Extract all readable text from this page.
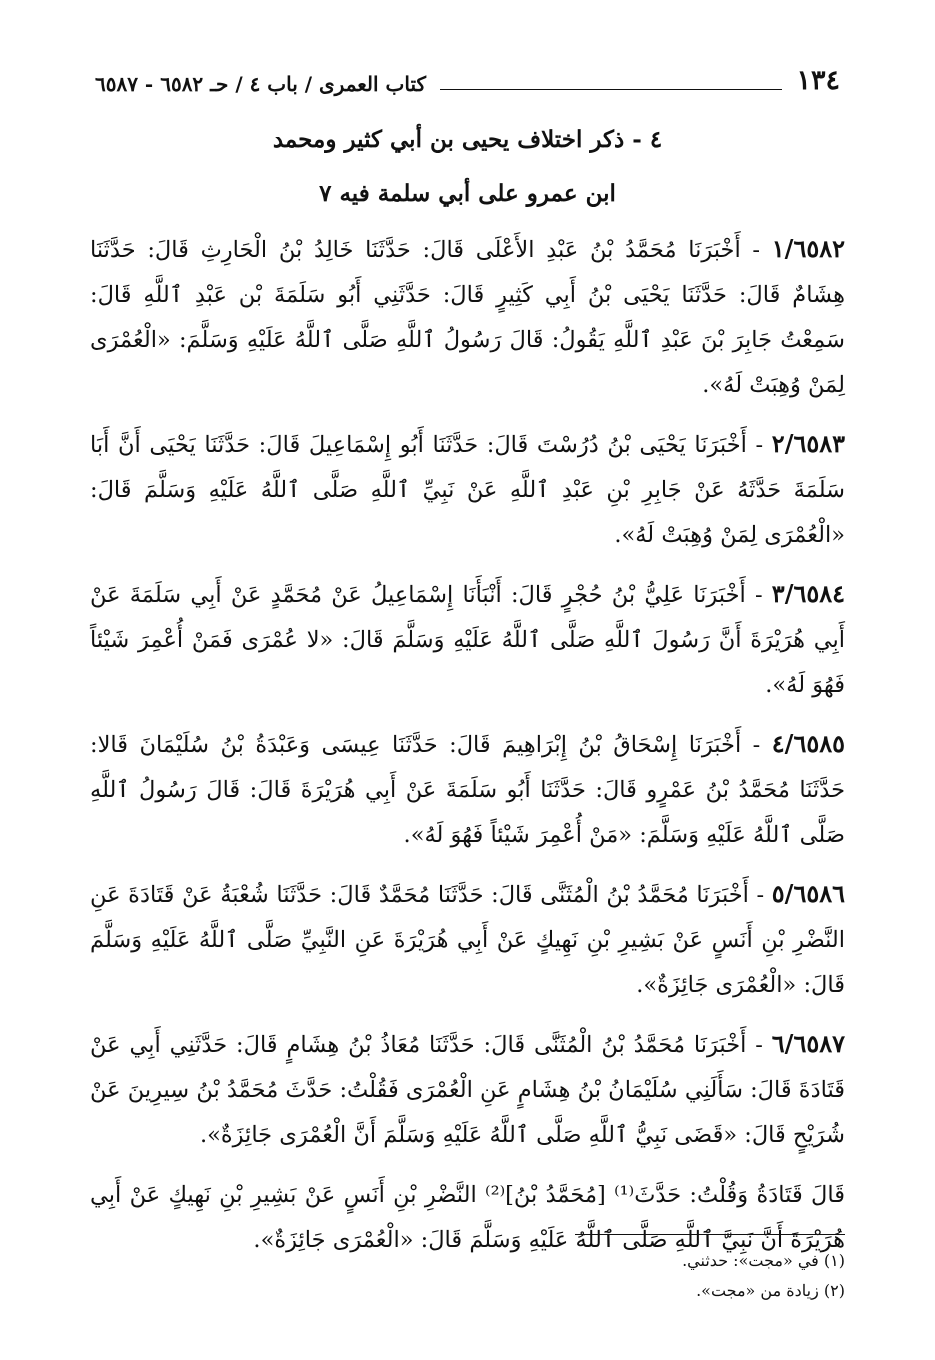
١٣٤
كتاب العمرى / باب ٤ / حـ ٦٥٨٢ - ٦٥٨٧
٤ - ذكر اختلاف يحيى بن أبي كثير ومحمد
ابن عمرو على أبي سلمة فيه ٧

١/٦٥٨٢ - أَخْبَرَنَا مُحَمَّدُ بْنُ عَبْدِ الأَعْلَى قَالَ: حَدَّثَنَا خَالِدُ بْنُ الْحَارِثِ قَالَ: حَدَّثَنَا هِشَامٌ قَالَ: حَدَّثَنَا يَحْيَى بْنُ أَبِي كَثِيرٍ قَالَ: حَدَّثَنِي أَبُو سَلَمَةَ بْن عَبْدِ ٱللَّهِ قَالَ: سَمِعْتُ جَابِرَ بْنَ عَبْدِ ٱللَّهِ يَقُولُ: قَالَ رَسُولُ ٱللَّهِ صَلَّى ٱللَّهُ عَلَيْهِ وَسَلَّمَ: «الْعُمْرَى لِمَنْ وُهِبَتْ لَهُ».

٢/٦٥٨٣ - أَخْبَرَنَا يَحْيَى بْنُ دُرُسْتَ قَالَ: حَدَّثَنَا أَبُو إِسْمَاعِيلَ قَالَ: حَدَّثَنَا يَحْيَى أَنَّ أَبَا سَلَمَةَ حَدَّثَهُ عَنْ جَابِرِ بْنِ عَبْدِ ٱللَّهِ عَنْ نَبِيِّ ٱللَّهِ صَلَّى ٱللَّهُ عَلَيْهِ وَسَلَّمَ قَالَ: «الْعُمْرَى لِمَنْ وُهِبَتْ لَهُ».

٣/٦٥٨٤ - أَخْبَرَنَا عَلِيُّ بْنُ حُجْرٍ قَالَ: أَنْبَأَنَا إِسْمَاعِيلُ عَنْ مُحَمَّدٍ عَنْ أَبِي سَلَمَةَ عَنْ أَبِي هُرَيْرَةَ أَنَّ رَسُولَ ٱللَّهِ صَلَّى ٱللَّهُ عَلَيْهِ وَسَلَّمَ قَالَ: «لا عُمْرَى فَمَنْ أُعْمِرَ شَيْئاً فَهُوَ لَهُ».

٤/٦٥٨٥ - أَخْبَرَنَا إِسْحَاقُ بْنُ إِبْرَاهِيمَ قَالَ: حَدَّثَنَا عِيسَى وَعَبْدَةُ بْنُ سُلَيْمَانَ قَالا: حَدَّثَنَا مُحَمَّدُ بْنُ عَمْرٍو قَالَ: حَدَّثَنَا أَبُو سَلَمَةَ عَنْ أَبِي هُرَيْرَةَ قَالَ: قَالَ رَسُولُ ٱللَّهِ صَلَّى ٱللَّهُ عَلَيْهِ وَسَلَّمَ: «مَنْ أُعْمِرَ شَيْئاً فَهُوَ لَهُ».

٥/٦٥٨٦ - أَخْبَرَنَا مُحَمَّدُ بْنُ الْمُثَنَّى قَالَ: حَدَّثَنَا مُحَمَّدٌ قَالَ: حَدَّثَنَا شُعْبَةُ عَنْ قَتَادَةَ عَنِ النَّضْرِ بْنِ أَنَسٍ عَنْ بَشِيرِ بْنِ نَهِيكٍ عَنْ أَبِي هُرَيْرَةَ عَنِ النَّبِيِّ صَلَّى ٱللَّهُ عَلَيْهِ وَسَلَّمَ قَالَ: «الْعُمْرَى جَائِزَةٌ».

٦/٦٥٨٧ - أَخْبَرَنَا مُحَمَّدُ بْنُ الْمُثَنَّى قَالَ: حَدَّثَنَا مُعَاذُ بْنُ هِشَامٍ قَالَ: حَدَّثَنِي أَبِي عَنْ قَتَادَةَ قَالَ: سَأَلَنِي سُلَيْمَانُ بْنُ هِشَامٍ عَنِ الْعُمْرَى فَقُلْتُ: حَدَّثَ مُحَمَّدُ بْنُ سِيرِينَ عَنْ شُرَيْحٍ قَالَ: «قَضَى نَبِيُّ ٱللَّهِ صَلَّى ٱللَّهُ عَلَيْهِ وَسَلَّمَ أَنَّ الْعُمْرَى جَائِزَةٌ».

قَالَ قَتَادَةُ وَقُلْتُ: حَدَّثَ⁽¹⁾ [مُحَمَّدُ بْنُ]⁽²⁾ النَّضْرِ بْنِ أَنَسٍ عَنْ بَشِيرِ بْنِ نَهِيكٍ عَنْ أَبِي هُرَيْرَةَ أَنَّ نَبِيَّ ٱللَّهِ صَلَّى ٱللَّهُ عَلَيْهِ وَسَلَّمَ قَالَ: «الْعُمْرَى جَائِزَةٌ».

(١) في «مجت»: حدثني.

(٢) زيادة من «مجت».
